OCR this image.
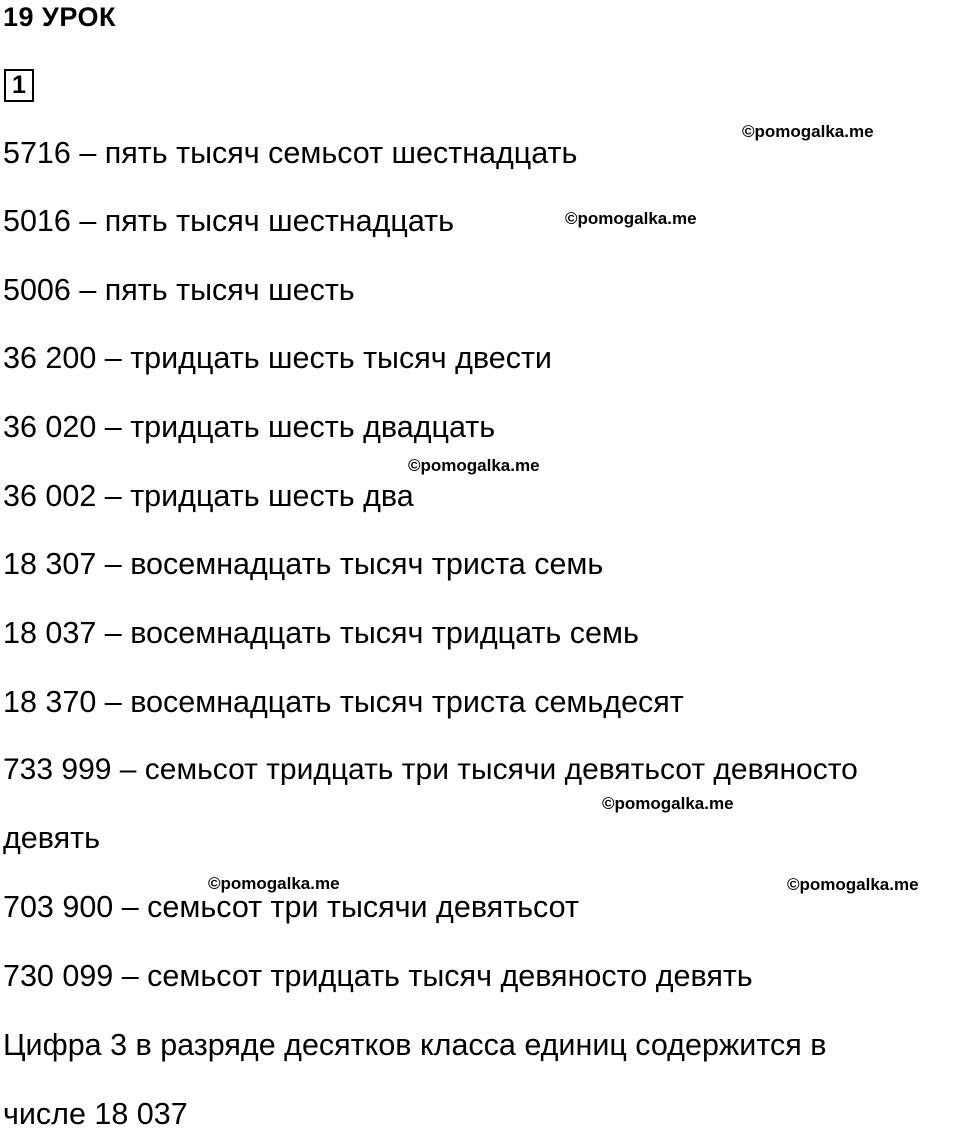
19 УРОК
1
5716 – пять тысяч семьсот шестнадцать
5016 – пять тысяч шестнадцать
5006 – пять тысяч шесть
36 200 – тридцать шесть тысяч двести
36 020 – тридцать шесть двадцать
36 002 – тридцать шесть два
18 307 – восемнадцать тысяч триста семь
18 037 – восемнадцать тысяч тридцать семь
18 370 – восемнадцать тысяч триста семьдесят
733 999 – семьсот тридцать три тысячи девятьсот девяносто
девять
703 900 – семьсот три тысячи девятьсот
730 099 – семьсот тридцать тысяч девяносто девять
Цифра 3 в разряде десятков класса единиц содержится в
числе 18 037
©pomogalka.me
©pomogalka.me
©pomogalka.me
©pomogalka.me
©pomogalka.me	©pomogalka.me
